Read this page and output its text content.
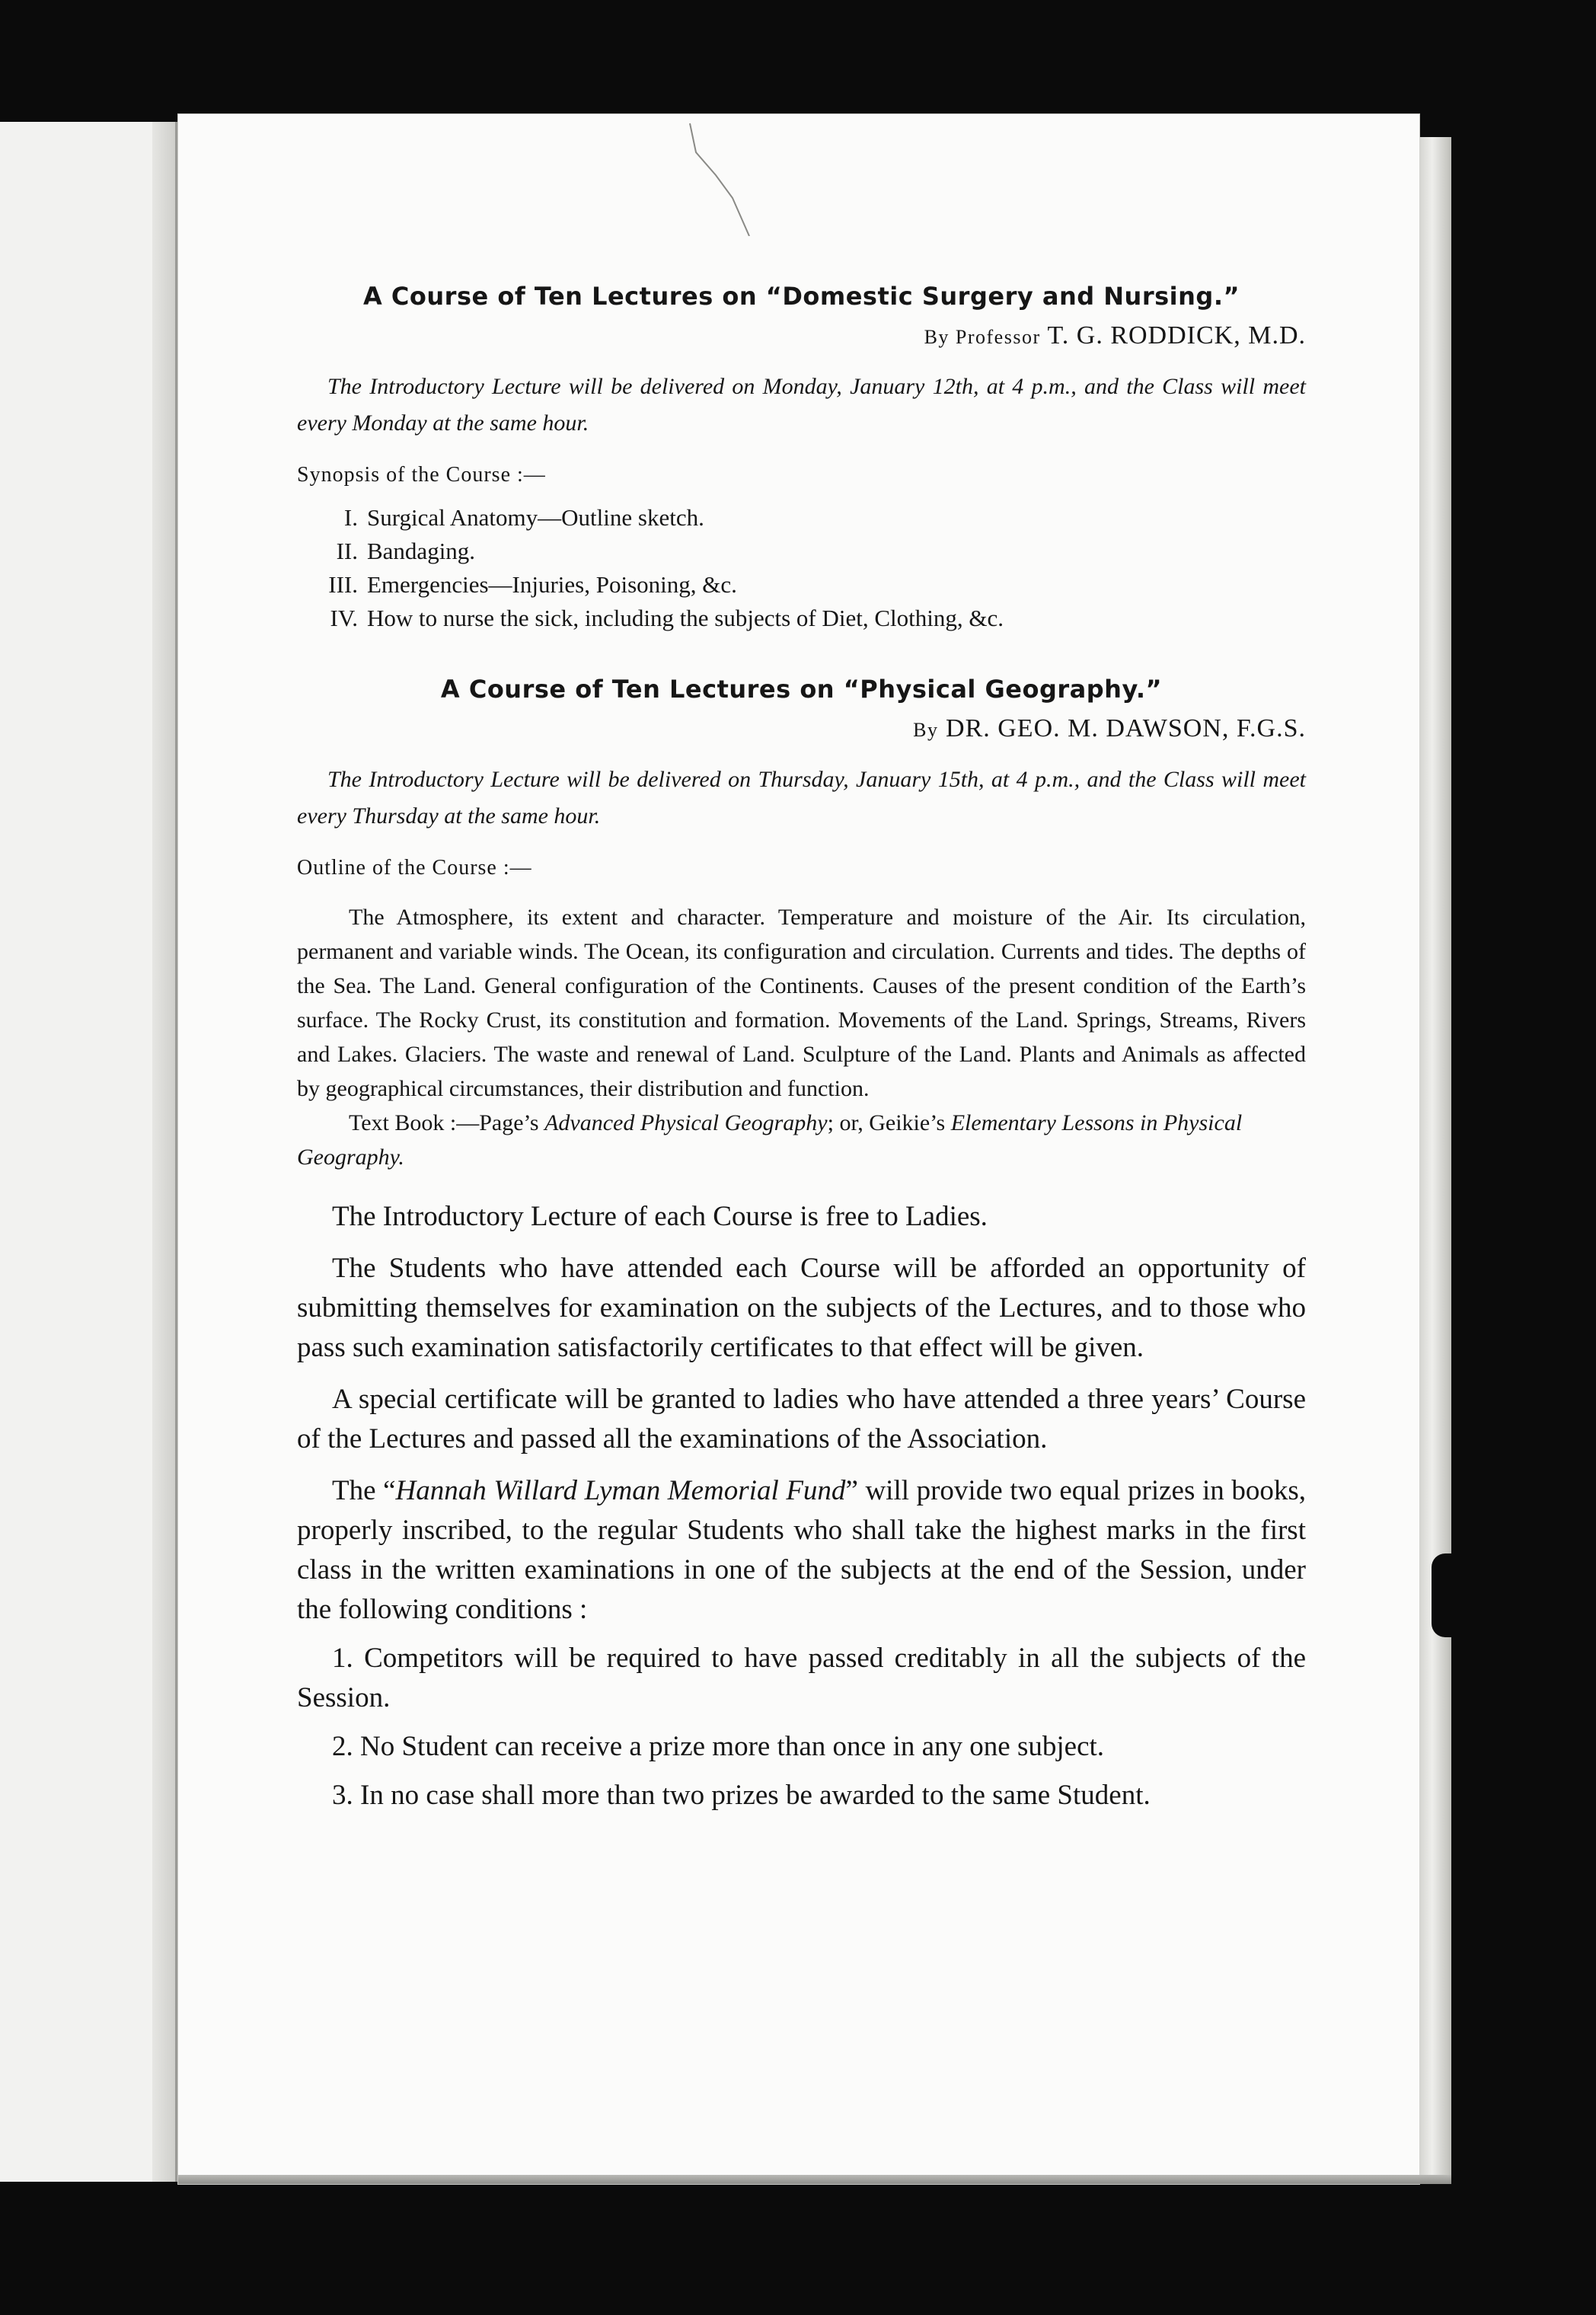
A Course of Ten Lectures on “Domestic Surgery and Nursing.”

By Professor T. G. RODDICK, M.D.

The Introductory Lecture will be delivered on Monday, January 12th, at 4 p.m., and the Class will meet every Monday at the same hour.

Synopsis of the Course :—

I. Surgical Anatomy—Outline sketch.
II. Bandaging.
III. Emergencies—Injuries, Poisoning, &c.
IV. How to nurse the sick, including the subjects of Diet, Clothing, &c.
A Course of Ten Lectures on “Physical Geography.”

By DR. GEO. M. DAWSON, F.G.S.

The Introductory Lecture will be delivered on Thursday, January 15th, at 4 p.m., and the Class will meet every Thursday at the same hour.

Outline of the Course :—

The Atmosphere, its extent and character. Temperature and moisture of the Air. Its circulation, permanent and variable winds. The Ocean, its configuration and circulation. Currents and tides. The depths of the Sea. The Land. General configuration of the Continents. Causes of the present condition of the Earth’s surface. The Rocky Crust, its constitution and formation. Movements of the Land. Springs, Streams, Rivers and Lakes. Glaciers. The waste and renewal of Land. Sculpture of the Land. Plants and Animals as affected by geographical circumstances, their distribution and function.

Text Book :—Page’s Advanced Physical Geography; or, Geikie’s Elementary Lessons in Physical Geography.

The Introductory Lecture of each Course is free to Ladies.

The Students who have attended each Course will be afforded an opportunity of submitting themselves for examination on the subjects of the Lectures, and to those who pass such examination satisfactorily certificates to that effect will be given.

A special certificate will be granted to ladies who have attended a three years’ Course of the Lectures and passed all the examinations of the Association.

The “Hannah Willard Lyman Memorial Fund” will provide two equal prizes in books, properly inscribed, to the regular Students who shall take the highest marks in the first class in the written examinations in one of the subjects at the end of the Session, under the following conditions :

1. Competitors will be required to have passed creditably in all the subjects of the Session.

2. No Student can receive a prize more than once in any one subject.

3. In no case shall more than two prizes be awarded to the same Student.
